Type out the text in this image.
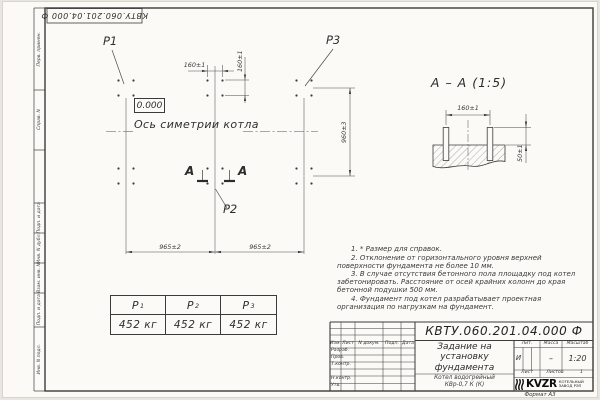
Перв. примен.
Справ. N
Подп. и дата
Инв. N дубл.
Взам. инв. N
Подп. и дата
Инв. N подл.
КВТУ.060.201.04.000 Ф
P1	P3
P2
160±1	160±1
960±3
965±2	965±2
0.000
Ось симетрии котла
А	А
А – А (1:5)
160±1
50±1

1. * Размер для справок.

2. Отклонение от горизонтального уровня верхней поверхности фундамента не более 10 мм.

3. В случае отсутствия бетонного пола площадку под котел забетонировать. Расстояние от осей крайних колонн до края бетонной подушки 500 мм.

4. Фундамент под котел разрабатывает проектная организация по нагрузкам на фундамент.

P 1	P 2	P 3
452 кг	452 кг	452 кг	КВТУ.060.201.04.000 Ф
Задание на
установку
фундамента
Котел водогрейный
КВр-0,7 К (К)
Изм. Лист N докум.	Подп. Дата
Разраб.
Пров.
Т.контр.
Н.контр.
Утв.
Лит.	Масса	Масштаб
И	–	1:20
Лист	Листов	1
KVZR КОТЕЛЬНЫЙ
ЗАВОД РЭП
Формат А3
